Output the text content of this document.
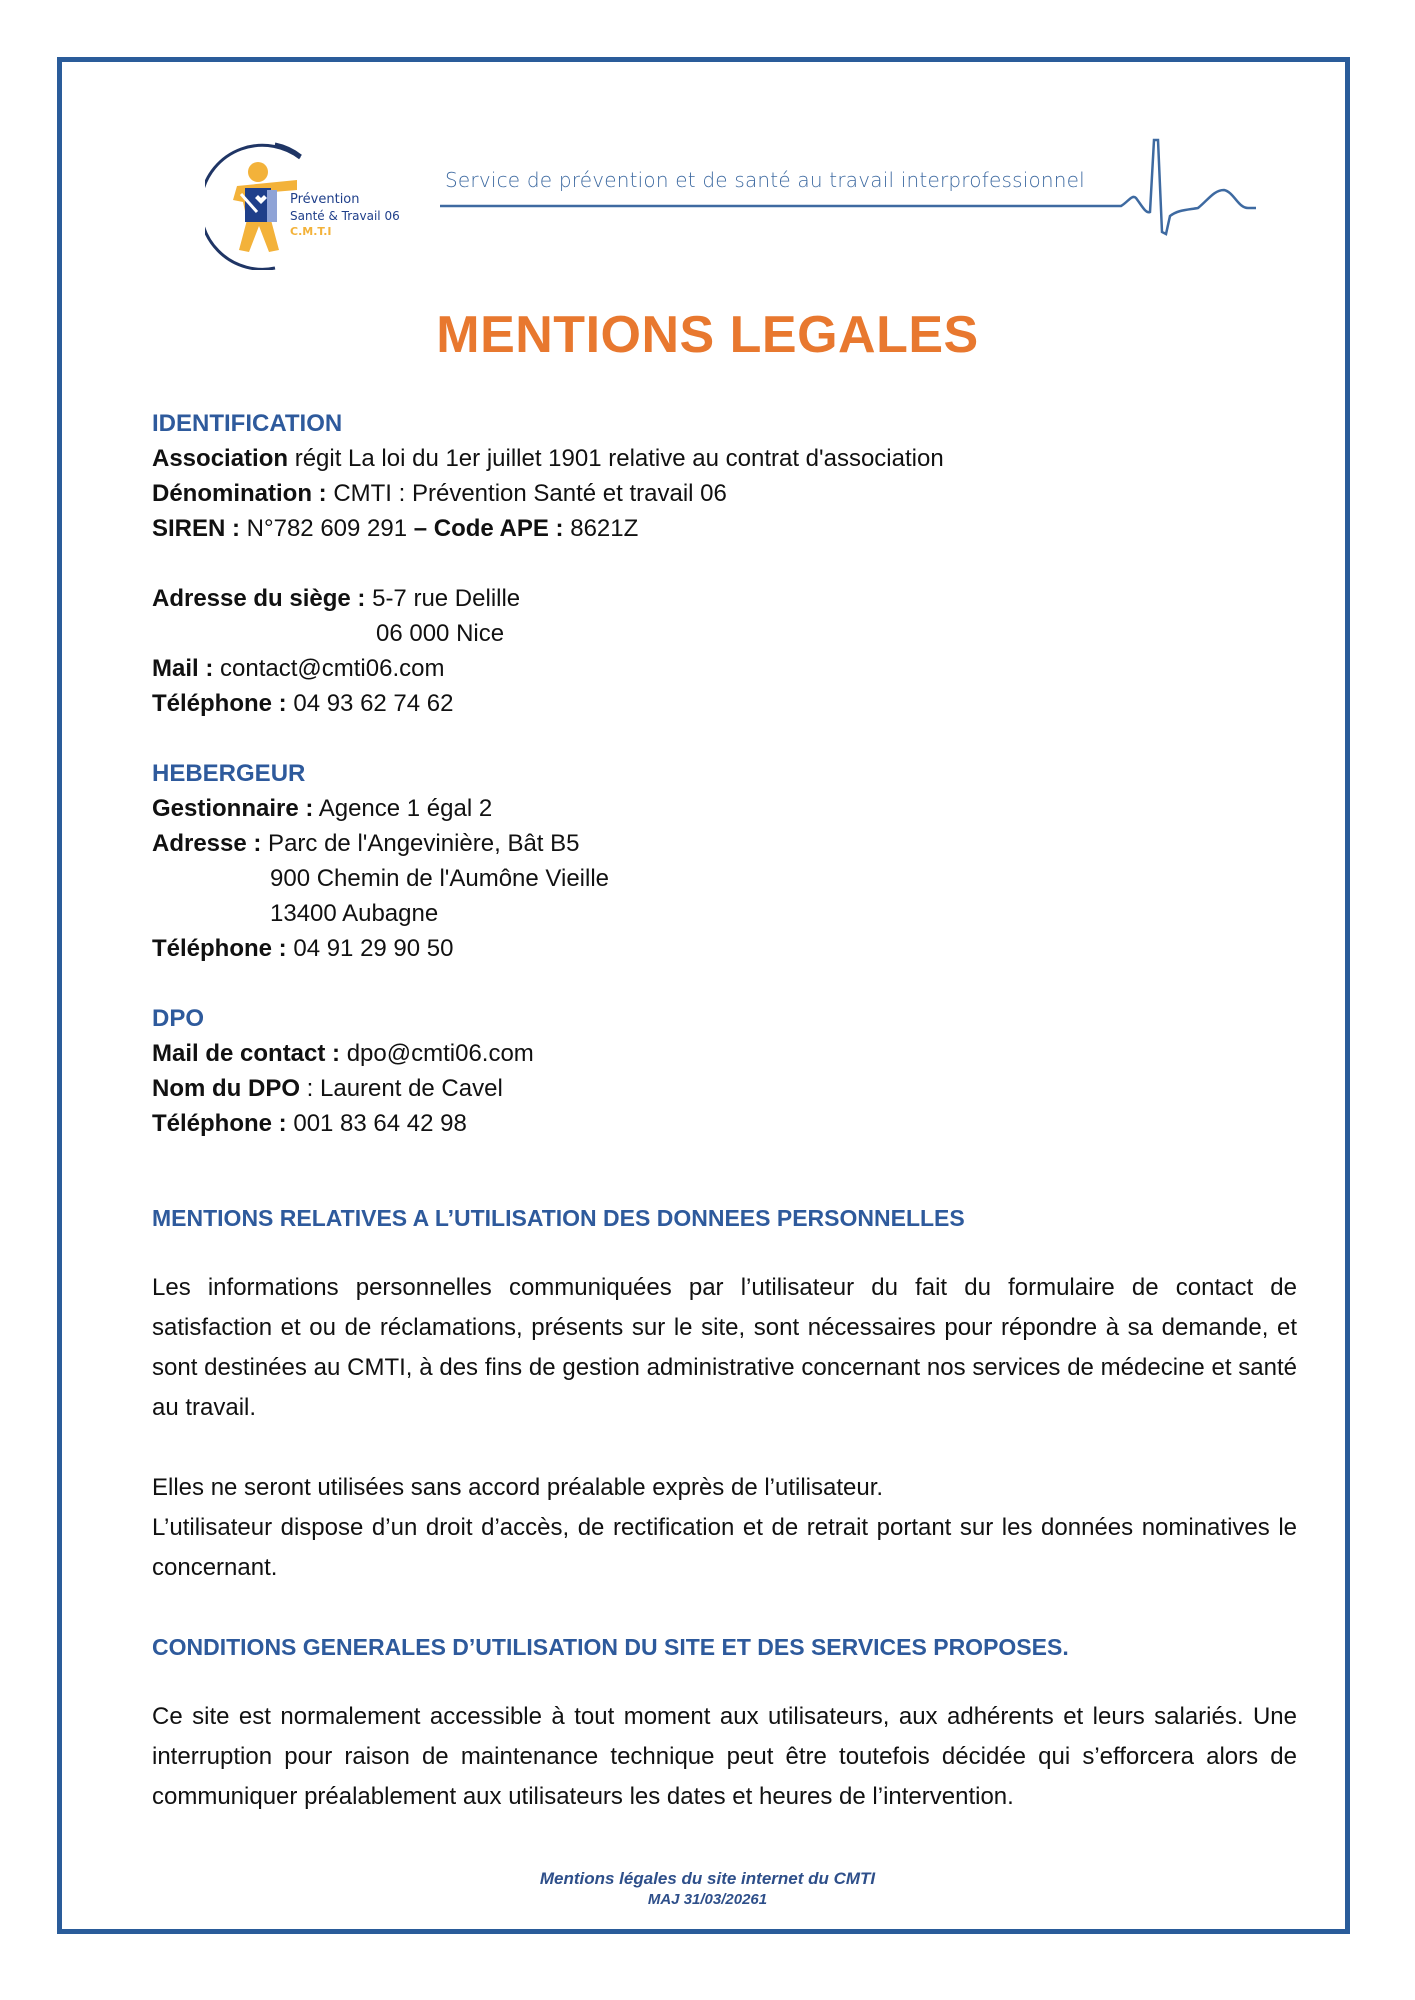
Prévention
Santé & Travail 06
C.M.T.I
Service de prévention et de santé au travail interprofessionnel
MENTIONS LEGALES
IDENTIFICATION
Association régit La loi du 1er juillet 1901 relative au contrat d'association
Dénomination : CMTI : Prévention Santé et travail 06
SIREN : N°782 609 291 – Code APE : 8621Z
Adresse du siège : 5-7 rue Delille
06 000 Nice
Mail : contact@cmti06.com
Téléphone : 04 93 62 74 62
HEBERGEUR
Gestionnaire : Agence 1 égal 2
Adresse : Parc de l'Angevinière, Bât B5
900 Chemin de l'Aumône Vieille
13400 Aubagne
Téléphone : 04 91 29 90 50
DPO
Mail de contact : dpo@cmti06.com
Nom du DPO : Laurent de Cavel
Téléphone : 001 83 64 42 98
MENTIONS RELATIVES A L’UTILISATION DES DONNEES PERSONNELLES

Les informations personnelles communiquées par l’utilisateur du fait du formulaire de contact de satisfaction et ou de réclamations, présents sur le site, sont nécessaires pour répondre à sa demande, et sont destinées au CMTI, à des fins de gestion administrative concernant nos services de médecine et santé au travail.

Elles ne seront utilisées sans accord préalable exprès de l’utilisateur.

L’utilisateur dispose d’un droit d’accès, de rectification et de retrait portant sur les données nominatives le concernant.

CONDITIONS GENERALES D’UTILISATION DU SITE ET DES SERVICES PROPOSES.

Ce site est normalement accessible à tout moment aux utilisateurs, aux adhérents et leurs salariés. Une interruption pour raison de maintenance technique peut être toutefois décidée qui s’efforcera alors de communiquer préalablement aux utilisateurs les dates et heures de l’intervention.

Mentions légales du site internet du CMTI
MAJ 31/03/20261
